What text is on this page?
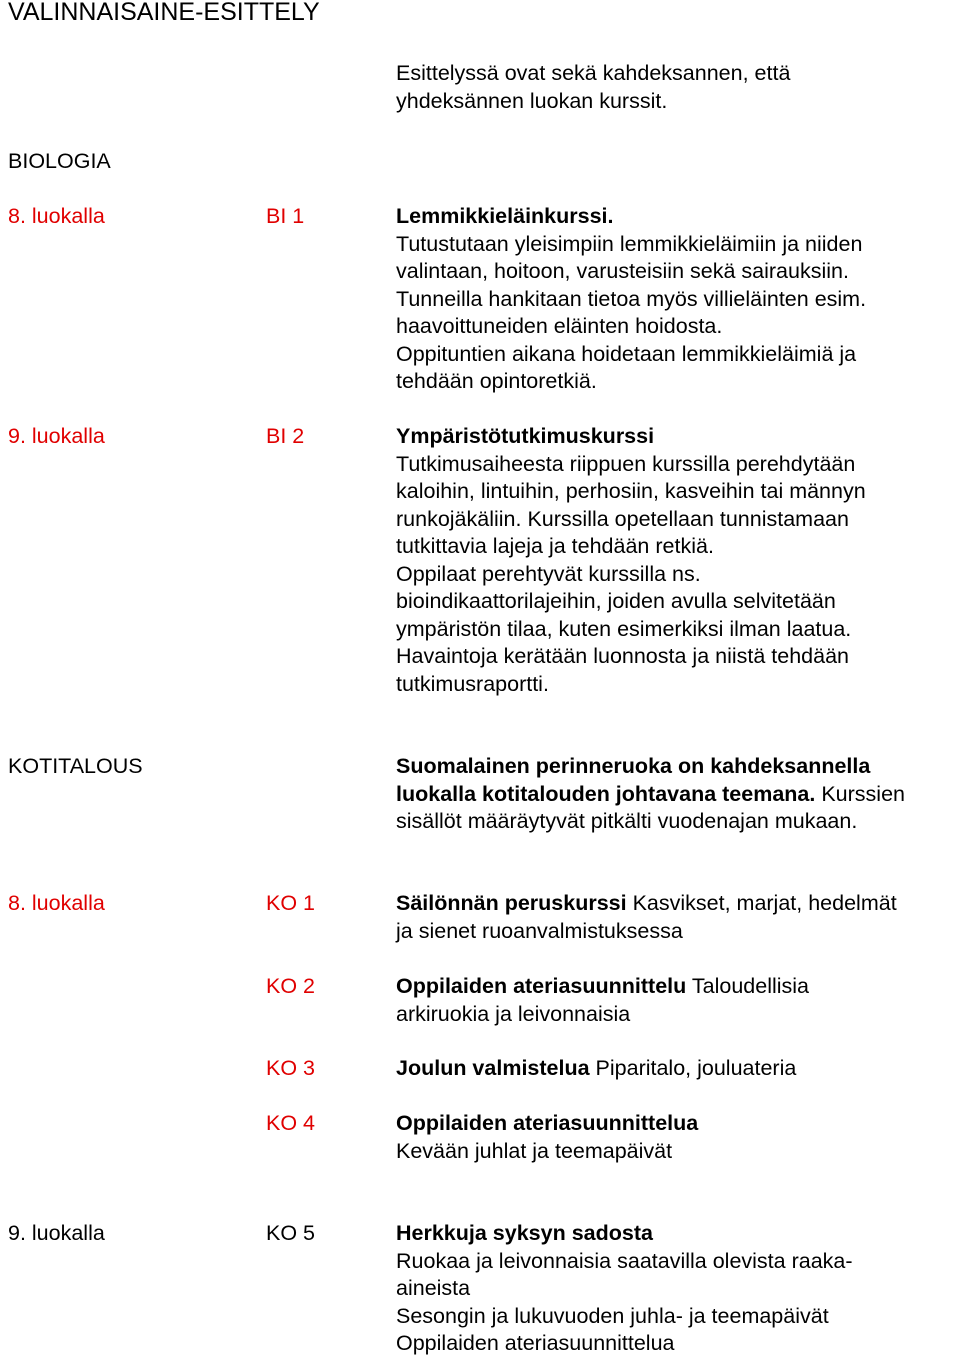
VALINNAISAINE-ESITTELY
Esittelyssä ovat sekä kahdeksannen, että
yhdeksännen luokan kurssit.
BIOLOGIA
8. luokalla	BI 1	Lemmikkieläinkurssi.
Tutustutaan yleisimpiin lemmikkieläimiin ja niiden
valintaan, hoitoon, varusteisiin sekä sairauksiin.
Tunneilla hankitaan tietoa myös villieläinten esim.
haavoittuneiden eläinten hoidosta.
Oppituntien aikana hoidetaan lemmikkieläimiä ja
tehdään opintoretkiä.
9. luokalla	BI 2	Ympäristötutkimuskurssi
Tutkimusaiheesta riippuen kurssilla perehdytään
kaloihin, lintuihin, perhosiin, kasveihin tai männyn
runkojäkäliin. Kurssilla opetellaan tunnistamaan
tutkittavia lajeja ja tehdään retkiä.
Oppilaat perehtyvät kurssilla ns.
bioindikaattorilajeihin, joiden avulla selvitetään
ympäristön tilaa, kuten esimerkiksi ilman laatua.
Havaintoja kerätään luonnosta ja niistä tehdään
tutkimusraportti.
KOTITALOUS	Suomalainen perinneruoka on kahdeksannella
luokalla kotitalouden johtavana teemana. Kurssien
sisällöt määräytyvät pitkälti vuodenajan mukaan.
8. luokalla	KO 1	Säilönnän peruskurssi Kasvikset, marjat, hedelmät
ja sienet ruoanvalmistuksessa
KO 2	Oppilaiden ateriasuunnittelu Taloudellisia
arkiruokia ja leivonnaisia
KO 3	Joulun valmistelua Piparitalo, jouluateria
KO 4	Oppilaiden ateriasuunnittelua
Kevään juhlat ja teemapäivät
9. luokalla	KO 5	Herkkuja syksyn sadosta
Ruokaa ja leivonnaisia saatavilla olevista raaka-
aineista
Sesongin ja lukuvuoden juhla- ja teemapäivät
Oppilaiden ateriasuunnittelua
